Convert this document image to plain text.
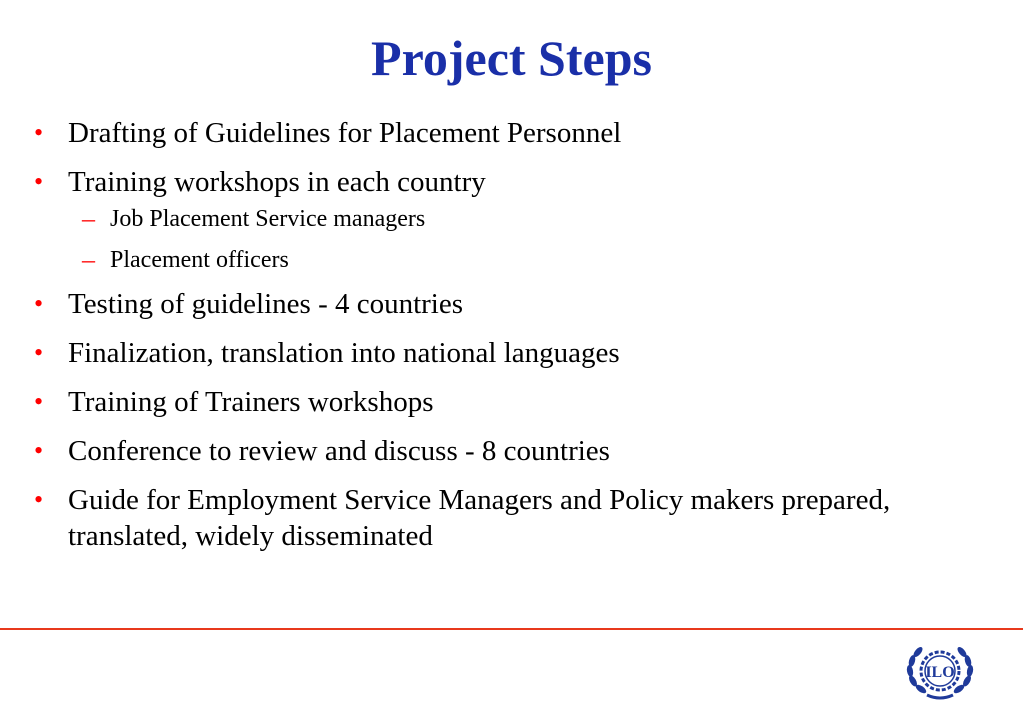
Project Steps
• Drafting of Guidelines for Placement Personnel
• Training workshops in each country
– Job Placement Service managers
– Placement officers
• Testing of guidelines - 4 countries
• Finalization, translation into national languages
• Training of Trainers workshops
• Conference to review and discuss - 8 countries
• Guide for Employment Service Managers and Policy makers prepared, translated, widely disseminated
ILO
